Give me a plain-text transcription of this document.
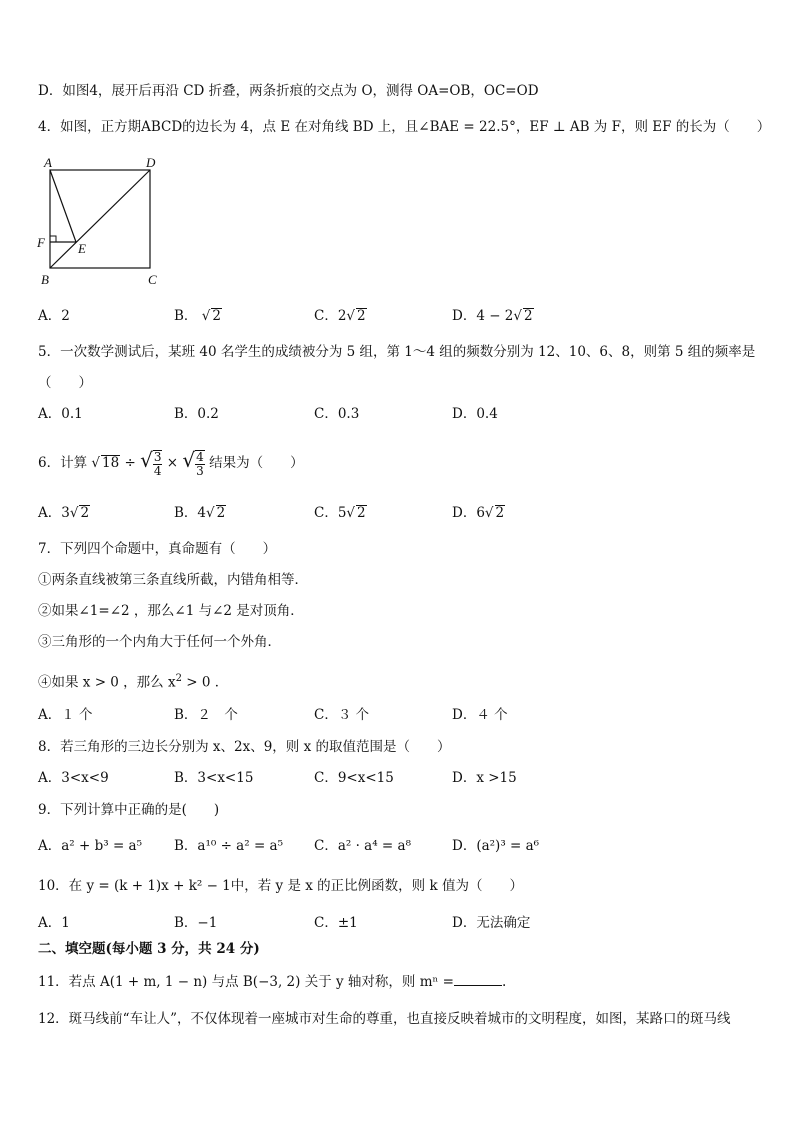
D．如图4，展开后再沿 CD 折叠，两条折痕的交点为 O，测得 OA=OB，OC=OD
4．如图，正方期ABCD的边长为 4，点 E 在对角线 BD 上，且∠BAE = 22.5°，EF ⊥ AB 为 F，则 EF 的长为（　　）
A	D
F	E
B	C
A．2	B． √ 2	C．2√ 2	D．4 − 2√ 2
5．一次数学测试后，某班 40 名学生的成绩被分为 5 组，第 1～4 组的频数分别为 12、10、6、8，则第 5 组的频率是
（　　）
A．0.1	B．0.2	C．0.3	D．0.4
6．计算 √ 18 ÷ √ $\frac{3}{4}$ × √ $\frac{4}{3}$ 结果为（　　）
A．3√ 2	B．4√ 2	C．5√ 2	D．6√ 2
7．下列四个命题中，真命题有（　　）
①两条直线被第三条直线所截，内错角相等．
②如果∠1=∠2 ，那么∠1 与∠2 是对顶角．
③三角形的一个内角大于任何一个外角．
④如果 x > 0 ，那么 $x^2 > 0$ ．
A．１ 个	B．２　个	C．３ 个	D．４ 个
8．若三角形的三边长分别为 x、2x、9，则 x 的取值范围是（　　）
A．3<x<9	B．3<x<15	C．9<x<15	D．x >15
9．下列计算中正确的是(　　)
A．a² + b³ = a⁵ B．a¹⁰ ÷ a² = a⁵ C．a² · a⁴ = a⁸	D．(a²)³ = a⁶
10．在 y = (k + 1)x + k² − 1中，若 y 是 x 的正比例函数，则 k 值为（　　）
A．1	B．−1	C．±1	D．无法确定
二、填空题(每小题 3 分，共 24 分)
11．若点 A(1 + m, 1 − n) 与点 B(−3, 2) 关于 y 轴对称，则 mⁿ =	.
12．斑马线前“车让人”，不仅体现着一座城市对生命的尊重，也直接反映着城市的文明程度，如图，某路口的斑马线
